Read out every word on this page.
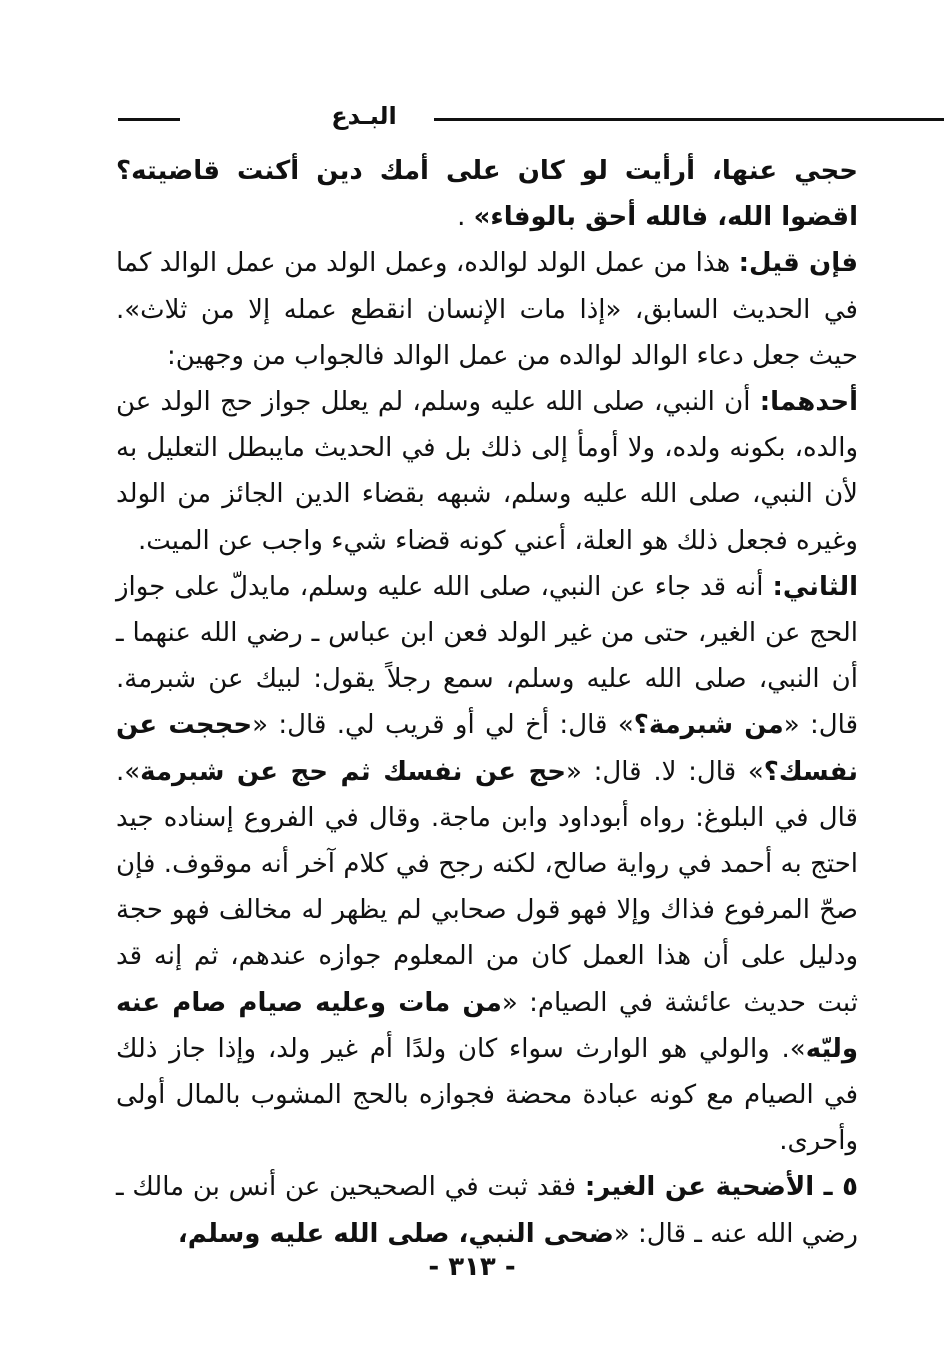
البـدع

حجي عنها، أرأيت لو كان على أمك دين أكنت قاضيته؟ اقضوا الله، فالله أحق بالوفاء» .

فإن قيل: هذا من عمل الولد لوالده، وعمل الولد من عمل الوالد كما في الحديث السابق، «إذا مات الإنسان انقطع عمله إلا من ثلاث». حيث جعل دعاء الوالد لوالده من عمل الوالد فالجواب من وجهين:

أحدهما: أن النبي، صلى الله عليه وسلم، لم يعلل جواز حج الولد عن والده، بكونه ولده، ولا أومأ إلى ذلك بل في الحديث مايبطل التعليل به لأن النبي، صلى الله عليه وسلم، شبهه بقضاء الدين الجائز من الولد وغيره فجعل ذلك هو العلة، أعني كونه قضاء شيء واجب عن الميت.

الثاني: أنه قد جاء عن النبي، صلى الله عليه وسلم، مايدلّ على جواز الحج عن الغير، حتى من غير الولد فعن ابن عباس ـ رضي الله عنهما ـ أن النبي، صلى الله عليه وسلم، سمع رجلاً يقول: لبيك عن شبرمة. قال: «من شبرمة؟» قال: أخ لي أو قريب لي. قال: «حججت عن نفسك؟» قال: لا. قال: «حج عن نفسك ثم حج عن شبرمة». قال في البلوغ: رواه أبوداود وابن ماجة. وقال في الفروع إسناده جيد احتج به أحمد في رواية صالح، لكنه رجح في كلام آخر أنه موقوف. فإن صحّ المرفوع فذاك وإلا فهو قول صحابي لم يظهر له مخالف فهو حجة ودليل على أن هذا العمل كان من المعلوم جوازه عندهم، ثم إنه قد ثبت حديث عائشة في الصيام: «من مات وعليه صيام صام عنه وليّه». والولي هو الوارث سواء كان ولدًا أم غير ولد، وإذا جاز ذلك في الصيام مع كونه عبادة محضة فجوازه بالحج المشوب بالمال أولى وأحرى.

٥ ـ الأضحية عن الغير: فقد ثبت في الصحيحين عن أنس بن مالك ـ رضي الله عنه ـ قال: «ضحى النبي، صلى الله عليه وسلم،

- ٣١٣ -
